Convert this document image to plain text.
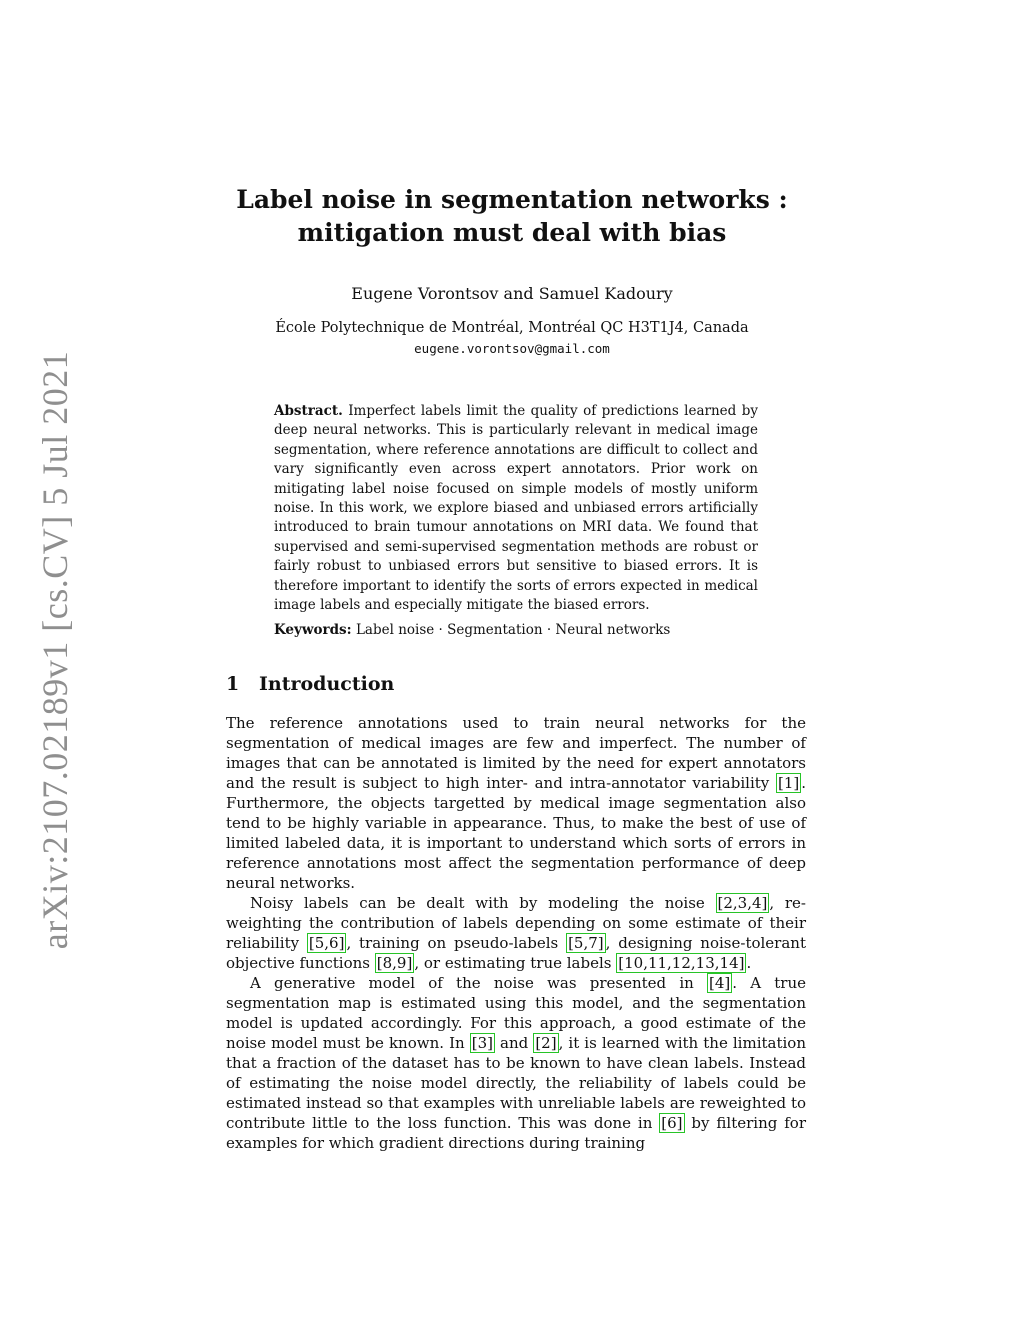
arXiv:2107.02189v1 [cs.CV] 5 Jul 2021
Label noise in segmentation networks :
mitigation must deal with bias
Eugene Vorontsov and Samuel Kadoury
École Polytechnique de Montréal, Montréal QC H3T1J4, Canada
eugene.vorontsov@gmail.com
Abstract. Imperfect labels limit the quality of predictions learned by deep neural networks. This is particularly relevant in medical image segmentation, where reference annotations are difficult to collect and vary significantly even across expert annotators. Prior work on mitigating label noise focused on simple models of mostly uniform noise. In this work, we explore biased and unbiased errors artificially introduced to brain tumour annotations on MRI data. We found that supervised and semi-supervised segmentation methods are robust or fairly robust to unbiased errors but sensitive to biased errors. It is therefore important to identify the sorts of errors expected in medical image labels and especially mitigate the biased errors.
Keywords: Label noise · Segmentation · Neural networks
1 Introduction

The reference annotations used to train neural networks for the segmentation of medical images are few and imperfect. The number of images that can be annotated is limited by the need for expert annotators and the result is subject to high inter- and intra-annotator variability [1] . Furthermore, the objects targetted by medical image segmentation also tend to be highly variable in appearance. Thus, to make the best of use of limited labeled data, it is important to understand which sorts of errors in reference annotations most affect the segmentation performance of deep neural networks.

Noisy labels can be dealt with by modeling the noise [2,3,4] , re-weighting the contribution of labels depending on some estimate of their reliability [5,6] , training on pseudo-labels [5,7] , designing noise-tolerant objective functions [8,9] , or estimating true labels [10,11,12,13,14] .

A generative model of the noise was presented in [4] . A true segmentation map is estimated using this model, and the segmentation model is updated accordingly. For this approach, a good estimate of the noise model must be known. In [3] and [2] , it is learned with the limitation that a fraction of the dataset has to be known to have clean labels. Instead of estimating the noise model directly, the reliability of labels could be estimated instead so that examples with unreliable labels are reweighted to contribute little to the loss function. This was done in [6] by filtering for examples for which gradient directions during training
